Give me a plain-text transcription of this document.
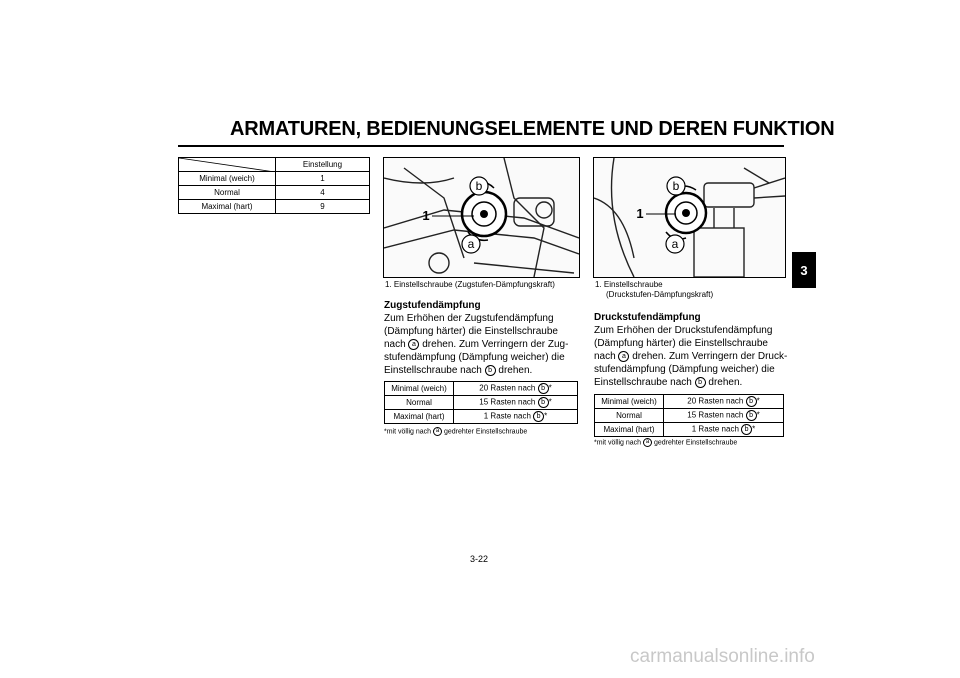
ARMATUREN, BEDIENUNGSELEMENTE UND DEREN FUNKTION
3
	Einstellung
Minimal (weich)	1
Normal	4
Maximal (hart)	9
b
a
1
1. Einstellschraube (Zugstufen-Dämpfungskraft)
Zugstufendämpfung
Zum Erhöhen der Zugstufendämpfung
(Dämpfung härter) die Einstellschraube
nach a drehen. Zum Verringern der Zug-
stufendämpfung (Dämpfung weicher) die
Einstellschraube nach b drehen.
Minimal (weich)	20 Rasten nach b *
Normal	15 Rasten nach b *
Maximal (hart)	1 Raste nach b *
*mit völlig nach a gedrehter Einstellschraube
b
a
1
1. Einstellschraube
(Druckstufen-Dämpfungskraft)
Druckstufendämpfung
Zum Erhöhen der Druckstufendämpfung
(Dämpfung härter) die Einstellschraube
nach a drehen. Zum Verringern der Druck-
stufendämpfung (Dämpfung weicher) die
Einstellschraube nach b drehen.
Minimal (weich)	20 Rasten nach b *
Normal	15 Rasten nach b *
Maximal (hart)	1 Raste nach b *
*mit völlig nach a gedrehter Einstellschraube
3-22
carmanualsonline.info
